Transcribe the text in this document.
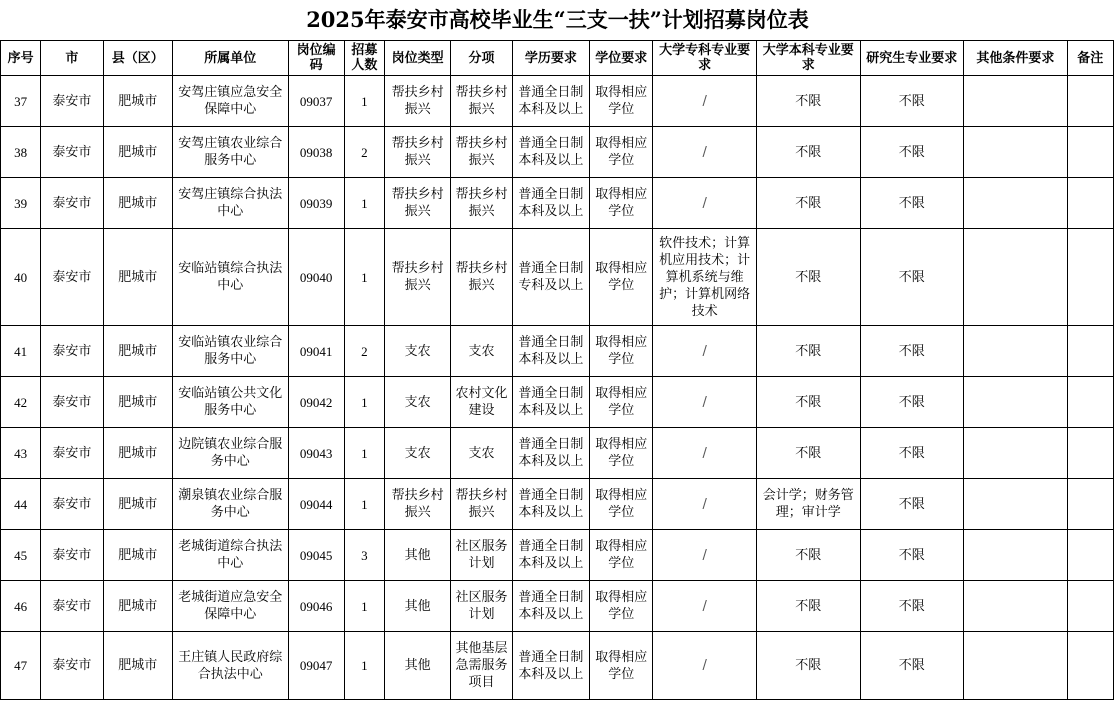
2025年泰安市高校毕业生“三支一扶”计划招募岗位表
序号	市	县（区）	所属单位	岗位编码	招募人数	岗位类型	分项	学历要求	学位要求	大学专科专业要求	大学本科专业要求	研究生专业要求	其他条件要求	备注
37	泰安市	肥城市	安驾庄镇应急安全保障中心	09037	1	帮扶乡村振兴	帮扶乡村振兴	普通全日制本科及以上	取得相应学位	/	不限	不限		
38	泰安市	肥城市	安驾庄镇农业综合服务中心	09038	2	帮扶乡村振兴	帮扶乡村振兴	普通全日制本科及以上	取得相应学位	/	不限	不限		
39	泰安市	肥城市	安驾庄镇综合执法中心	09039	1	帮扶乡村振兴	帮扶乡村振兴	普通全日制本科及以上	取得相应学位	/	不限	不限		
40	泰安市	肥城市	安临站镇综合执法中心	09040	1	帮扶乡村振兴	帮扶乡村振兴	普通全日制专科及以上	取得相应学位	软件技术；计算机应用技术；计算机系统与维护；计算机网络技术	不限	不限		
41	泰安市	肥城市	安临站镇农业综合服务中心	09041	2	支农	支农	普通全日制本科及以上	取得相应学位	/	不限	不限		
42	泰安市	肥城市	安临站镇公共文化服务中心	09042	1	支农	农村文化建设	普通全日制本科及以上	取得相应学位	/	不限	不限		
43	泰安市	肥城市	边院镇农业综合服务中心	09043	1	支农	支农	普通全日制本科及以上	取得相应学位	/	不限	不限		
44	泰安市	肥城市	潮泉镇农业综合服务中心	09044	1	帮扶乡村振兴	帮扶乡村振兴	普通全日制本科及以上	取得相应学位	/	会计学；财务管理；审计学	不限		
45	泰安市	肥城市	老城街道综合执法中心	09045	3	其他	社区服务计划	普通全日制本科及以上	取得相应学位	/	不限	不限		
46	泰安市	肥城市	老城街道应急安全保障中心	09046	1	其他	社区服务计划	普通全日制本科及以上	取得相应学位	/	不限	不限		
47	泰安市	肥城市	王庄镇人民政府综合执法中心	09047	1	其他	其他基层急需服务项目	普通全日制本科及以上	取得相应学位	/	不限	不限		
